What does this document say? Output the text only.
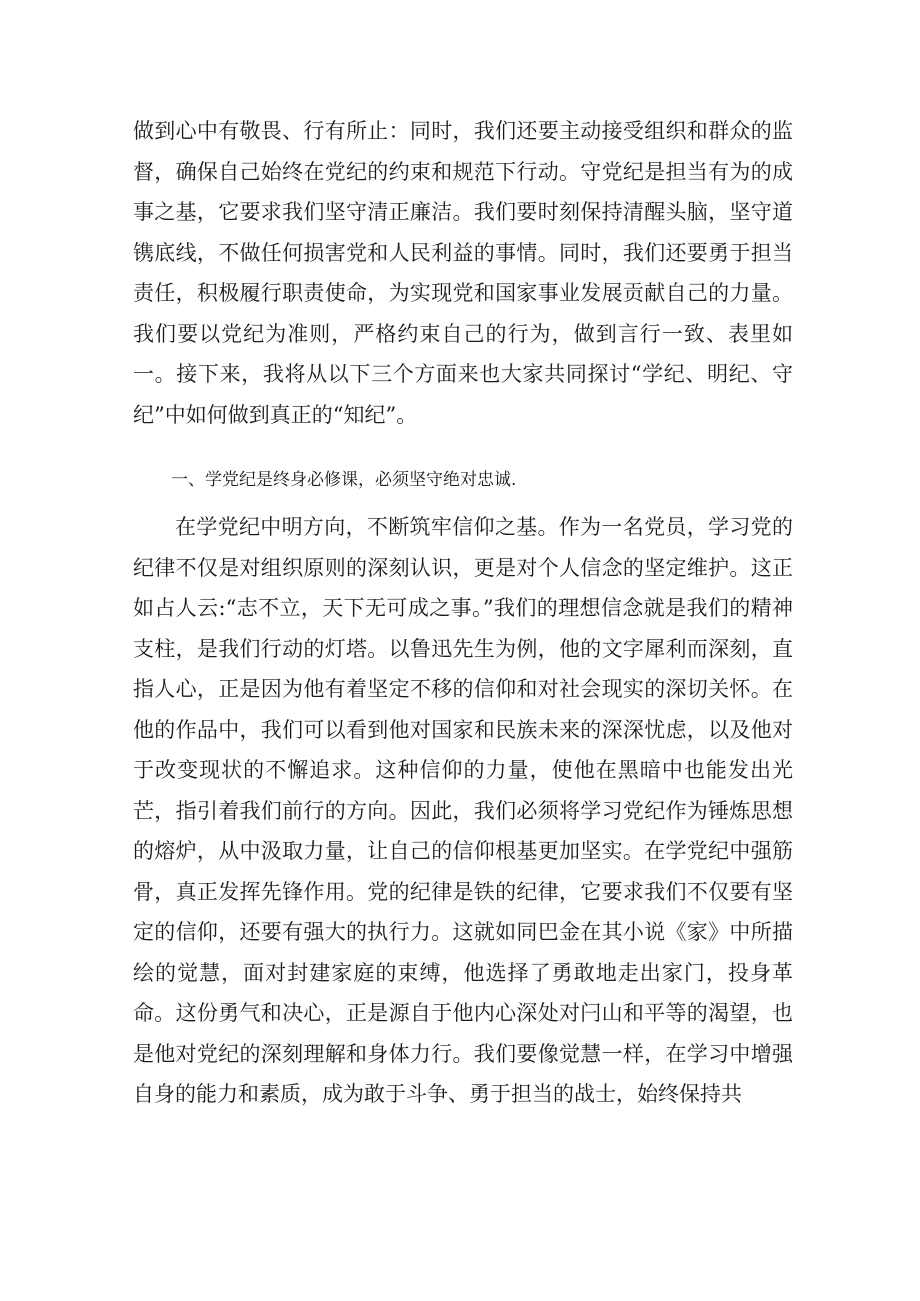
做到心中有敬畏、行有所止：同时，我们还要主动接受组织和群众的监督，确保自己始终在党纪的约束和规范下行动。守党纪是担当有为的成事之基，它要求我们坚守清正廉洁。我们要时刻保持清醒头脑，坚守道镌底线，不做任何损害党和人民利益的事情。同时，我们还要勇于担当责任，积极履行职责使命，为实现党和国家事业发展贡献自己的力量。我们要以党纪为准则，严格约束自己的行为，做到言行一致、表里如一。接下来，我将从以下三个方面来也大家共同探讨“学纪、明纪、守纪”中如何做到真正的“知纪”。

一、学党纪是终身必修课，必须坚守绝对忠诚.

在学党纪中明方向，不断筑牢信仰之基。作为一名党员，学习党的纪律不仅是对组织原则的深刻认识，更是对个人信念的坚定维护。这正如占人云:“志不立，天下无可成之事。”我们的理想信念就是我们的精神支柱，是我们行动的灯塔。以鲁迅先生为例，他的文字犀利而深刻，直指人心，正是因为他有着坚定不移的信仰和对社会现实的深切关怀。在他的作品中，我们可以看到他对国家和民族未来的深深忧虑，以及他对于改变现状的不懈追求。这种信仰的力量，使他在黑暗中也能发出光芒，指引着我们前行的方向。因此，我们必须将学习党纪作为锤炼思想的熔炉，从中汲取力量，让自己的信仰根基更加坚实。在学党纪中强筋骨，真正发挥先锋作用。党的纪律是铁的纪律，它要求我们不仅要有坚定的信仰，还要有强大的执行力。这就如同巴金在其小说《家》中所描绘的觉慧，面对封建家庭的束缚，他选择了勇敢地走出家门，投身革命。这份勇气和决心，正是源自于他内心深处对闩山和平等的渴望，也是他对党纪的深刻理解和身体力行。我们要像觉慧一样，在学习中增强自身的能力和素质，成为敢于斗争、勇于担当的战士，始终保持共
